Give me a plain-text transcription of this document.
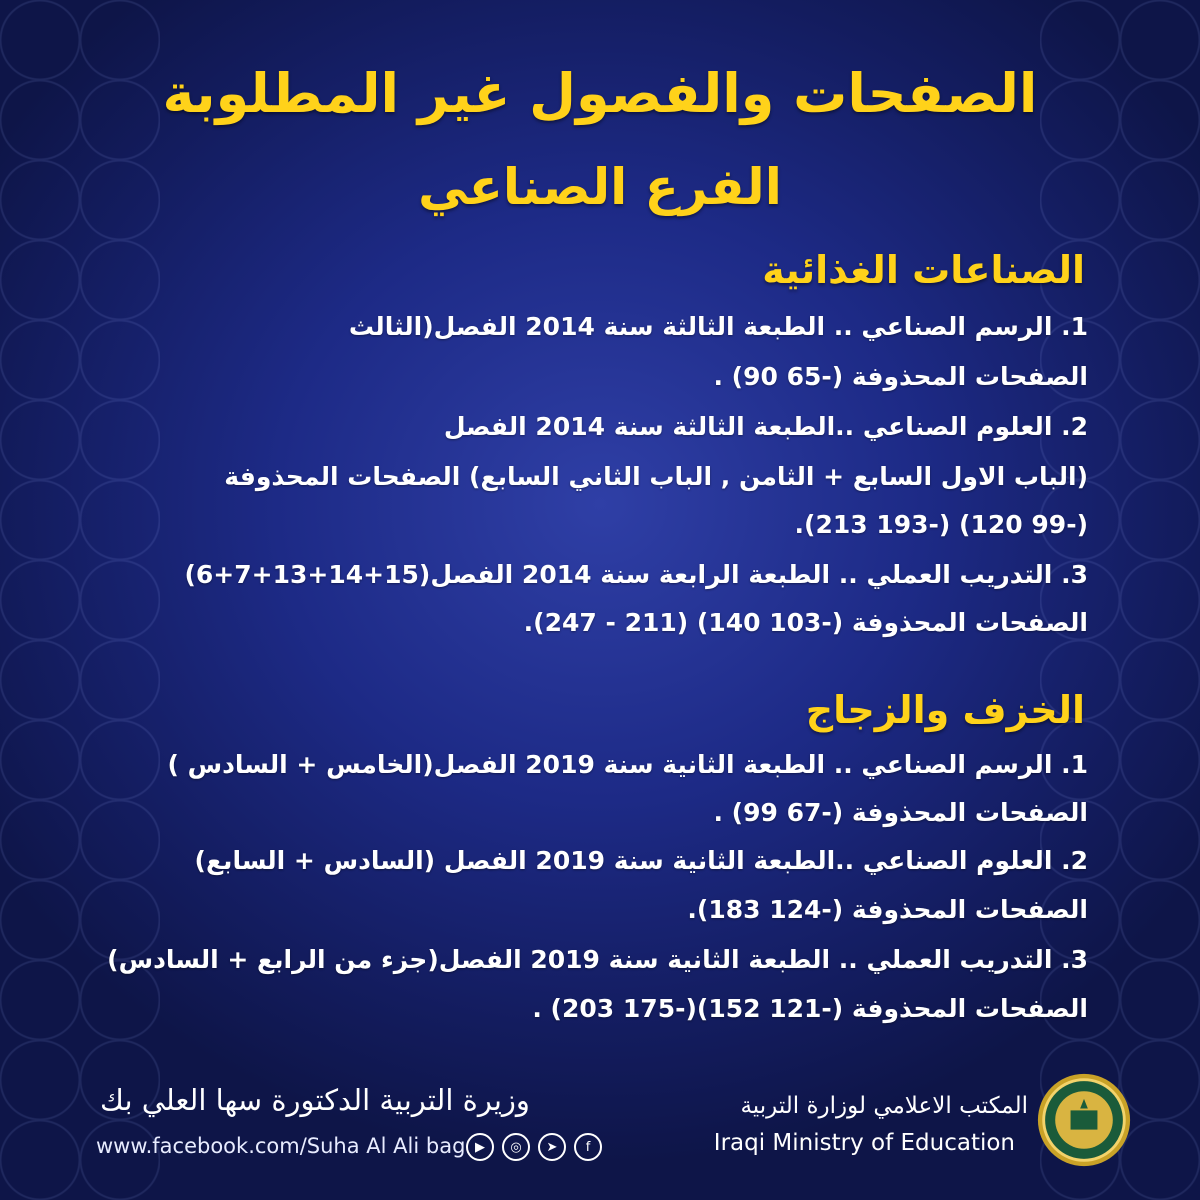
الصفحات والفصول غير المطلوبة
الفرع الصناعي
الصناعات الغذائية
1. الرسم الصناعي .. الطبعة الثالثة سنة 2014 الفصل(الثالث
الصفحات المحذوفة (-65 90) .
2. العلوم الصناعي ..الطبعة الثالثة سنة 2014 الفصل
(الباب الاول السابع + الثامن , الباب الثاني السابع) الصفحات المحذوفة
(-99 120) (-193 213).
3. التدريب العملي .. الطبعة الرابعة سنة 2014 الفصل(15+14+13+7+6)
الصفحات المحذوفة (-103 140) (211 - 247).
الخزف والزجاج
1. الرسم الصناعي .. الطبعة الثانية سنة 2019 الفصل(الخامس + السادس )
الصفحات المحذوفة (-67 99) .
2. العلوم الصناعي ..الطبعة الثانية سنة 2019 الفصل (السادس + السابع)
الصفحات المحذوفة (-124 183).
3. التدريب العملي .. الطبعة الثانية سنة 2019 الفصل(جزء من الرابع + السادس)
الصفحات المحذوفة (-121 152)(-175 203) .
وزيرة التربية الدكتورة سها العلي بك
www.facebook.com/Suha Al Ali bag ▶	◎	➤	f
المكتب الاعلامي لوزارة التربية
Iraqi Ministry of Education
